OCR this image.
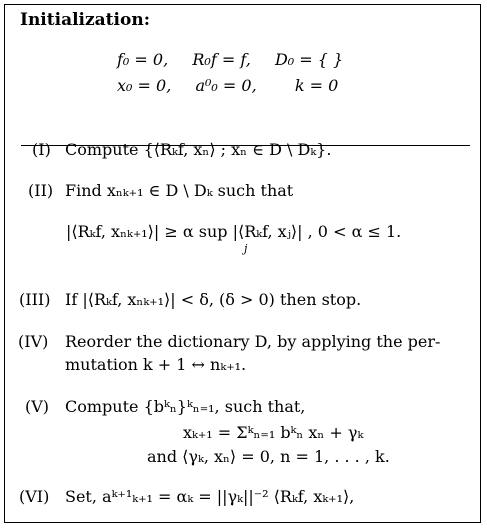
Initialization:
f₀ = 0, R₀f = f, D₀ = { }
x₀ = 0, a⁰₀ = 0, k = 0
(I) Compute {⟨Rₖf, xₙ⟩ ; xₙ ∈ D \ Dₖ}.
(II) Find xₙₖ₊₁ ∈ D \ Dₖ such that
|⟨Rₖf, xₙₖ₊₁⟩| ≥ α sup |⟨Rₖf, xⱼ⟩| , 0 < α ≤ 1.
j
(III) If |⟨Rₖf, xₙₖ₊₁⟩| < δ, (δ > 0) then stop.
(IV) Reorder the dictionary D, by applying the per-
mutation k + 1 ↔ nₖ₊₁.
(V) Compute {bᵏₙ}ᵏₙ₌₁, such that,
xₖ₊₁ = Σᵏₙ₌₁ bᵏₙ xₙ + γₖ
and ⟨γₖ, xₙ⟩ = 0, n = 1, . . . , k.
(VI) Set, aᵏ⁺¹ₖ₊₁ = αₖ = ||γₖ||⁻² ⟨Rₖf, xₖ₊₁⟩,
